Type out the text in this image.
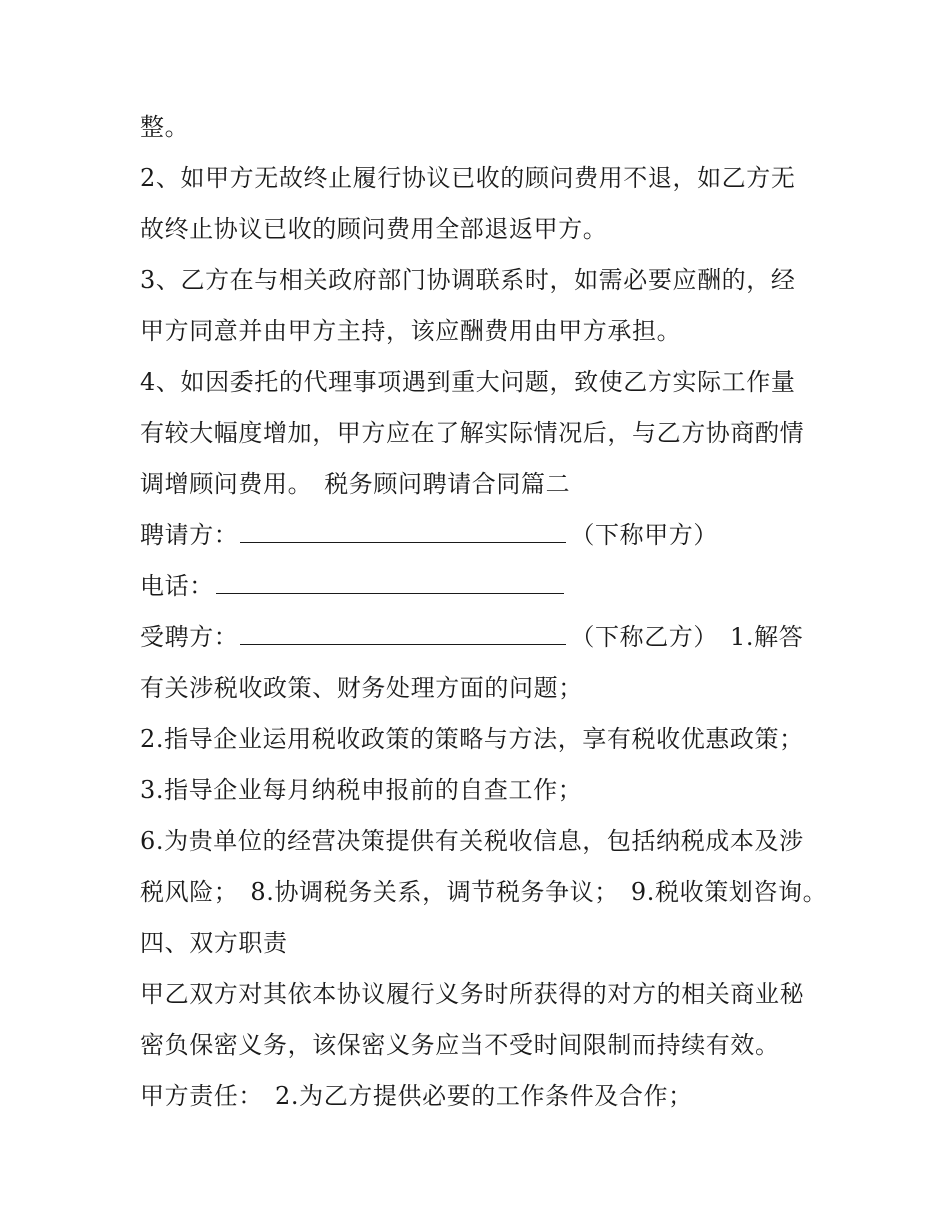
整。
2、如甲方无故终止履行协议已收的顾问费用不退，如乙方无
故终止协议已收的顾问费用全部退返甲方。
3、乙方在与相关政府部门协调联系时，如需必要应酬的，经
甲方同意并由甲方主持，该应酬费用由甲方承担。
4、如因委托的代理事项遇到重大问题，致使乙方实际工作量
有较大幅度增加，甲方应在了解实际情况后，与乙方协商酌情
调增顾问费用。 税务顾问聘请合同篇二
聘请方：	（下称甲方）
电话：
受聘方：	（下称乙方） 1.解答
有关涉税收政策、财务处理方面的问题；
2.指导企业运用税收政策的策略与方法，享有税收优惠政策；
3.指导企业每月纳税申报前的自查工作；
6.为贵单位的经营决策提供有关税收信息，包括纳税成本及涉
税风险； 8.协调税务关系，调节税务争议； 9.税收策划咨询。
四、双方职责
甲乙双方对其依本协议履行义务时所获得的对方的相关商业秘
密负保密义务，该保密义务应当不受时间限制而持续有效。
甲方责任： 2.为乙方提供必要的工作条件及合作；
